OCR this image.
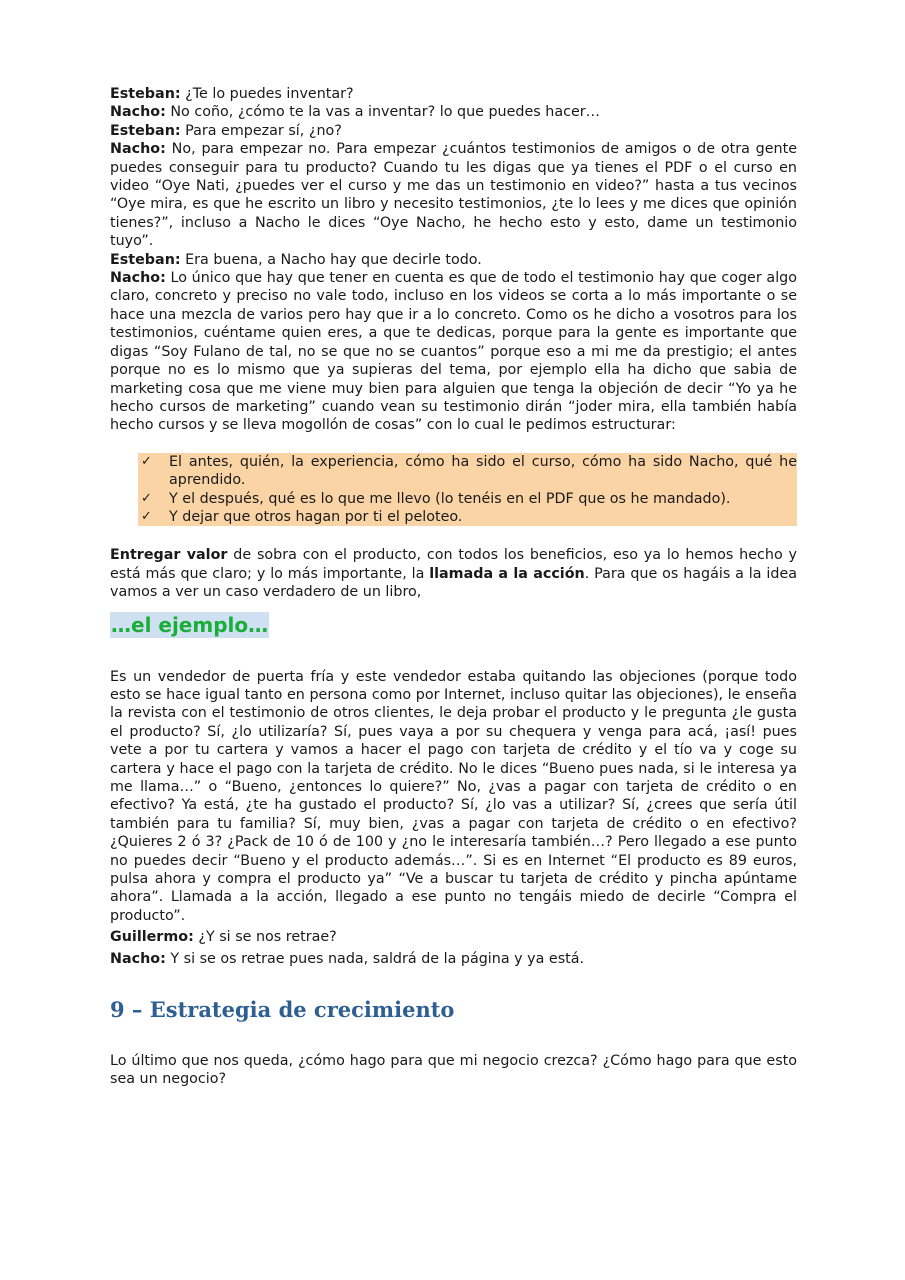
Esteban: ¿Te lo puedes inventar?

Nacho: No coño, ¿cómo te la vas a inventar? lo que puedes hacer…

Esteban: Para empezar sí, ¿no?

Nacho: No, para empezar no. Para empezar ¿cuántos testimonios de amigos o de otra gente puedes conseguir para tu producto? Cuando tu les digas que ya tienes el PDF o el curso en video “Oye Nati, ¿puedes ver el curso y me das un testimonio en video?” hasta a tus vecinos “Oye mira, es que he escrito un libro y necesito testimonios, ¿te lo lees y me dices que opinión tienes?”, incluso a Nacho le dices “Oye Nacho, he hecho esto y esto, dame un testimonio tuyo”.

Esteban: Era buena, a Nacho hay que decirle todo.

Nacho: Lo único que hay que tener en cuenta es que de todo el testimonio hay que coger algo claro, concreto y preciso no vale todo, incluso en los videos se corta a lo más importante o se hace una mezcla de varios pero hay que ir a lo concreto. Como os he dicho a vosotros para los testimonios, cuéntame quien eres, a que te dedicas, porque para la gente es importante que digas “Soy Fulano de tal, no se que no se cuantos” porque eso a mi me da prestigio; el antes porque no es lo mismo que ya supieras del tema, por ejemplo ella ha dicho que sabia de marketing cosa que me viene muy bien para alguien que tenga la objeción de decir “Yo ya he hecho cursos de marketing” cuando vean su testimonio dirán “joder mira, ella también había hecho cursos y se lleva mogollón de cosas” con lo cual le pedimos estructurar:

✓ El antes, quién, la experiencia, cómo ha sido el curso, cómo ha sido Nacho, qué he aprendido.
✓ Y el después, qué es lo que me llevo (lo tenéis en el PDF que os he mandado).
✓ Y dejar que otros hagan por ti el peloteo.

Entregar valor de sobra con el producto, con todos los beneficios, eso ya lo hemos hecho y está más que claro; y lo más importante, la llamada a la acción. Para que os hagáis a la idea vamos a ver un caso verdadero de un libro,

…el ejemplo…

Es un vendedor de puerta fría y este vendedor estaba quitando las objeciones (porque todo esto se hace igual tanto en persona como por Internet, incluso quitar las objeciones), le enseña la revista con el testimonio de otros clientes, le deja probar el producto y le pregunta ¿le gusta el producto? Sí, ¿lo utilizaría? Sí, pues vaya a por su chequera y venga para acá, ¡así! pues vete a por tu cartera y vamos a hacer el pago con tarjeta de crédito y el tío va y coge su cartera y hace el pago con la tarjeta de crédito. No le dices “Bueno pues nada, si le interesa ya me llama…” o “Bueno, ¿entonces lo quiere?” No, ¿vas a pagar con tarjeta de crédito o en efectivo? Ya está, ¿te ha gustado el producto? Sí, ¿lo vas a utilizar? Sí, ¿crees que sería útil también para tu familia? Sí, muy bien, ¿vas a pagar con tarjeta de crédito o en efectivo? ¿Quieres 2 ó 3? ¿Pack de 10 ó de 100 y ¿no le interesaría también…? Pero llegado a ese punto no puedes decir “Bueno y el producto además…”. Si es en Internet “El producto es 89 euros, pulsa ahora y compra el producto ya” “Ve a buscar tu tarjeta de crédito y pincha apúntame ahora”. Llamada a la acción, llegado a ese punto no tengáis miedo de decirle “Compra el producto”.

Guillermo: ¿Y si se nos retrae?

Nacho: Y si se os retrae pues nada, saldrá de la página y ya está.

9 – Estrategia de crecimiento

Lo último que nos queda, ¿cómo hago para que mi negocio crezca? ¿Cómo hago para que esto sea un negocio?
